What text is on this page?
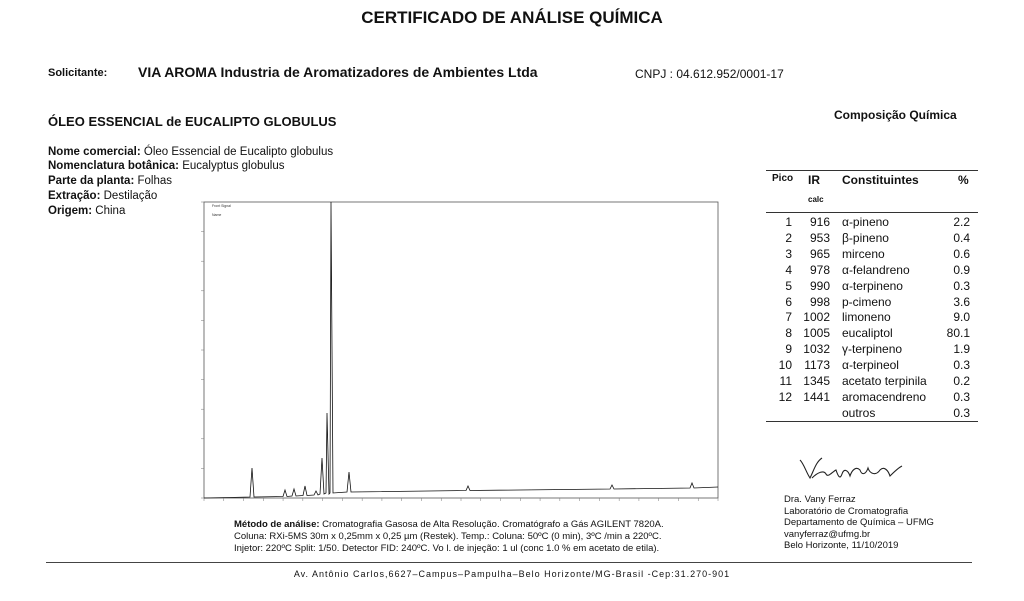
CERTIFICADO DE ANÁLISE QUÍMICA
Solicitante: VIA AROMA Industria de Aromatizadores de Ambientes Ltda	CNPJ : 04.612.952/0001-17
ÓLEO ESSENCIAL de EUCALIPTO GLOBULUS	Composição Química
Nome comercial: Óleo Essencial de Eucalipto globulus
Nomenclatura botânica: Eucalyptus globulus
Parte da planta: Folhas
Extração: Destilação
Origem: China	Front Signal
Name
Pico IR
calc
Constituintes	%
1	916 α-pineno	2.2
2	953 β-pineno	0.4
3	965 mirceno	0.6
4	978 α-felandreno	0.9
5	990 α-terpineno	0.3
6	998 p-cimeno	3.6
7 1002 limoneno	9.0
8 1005 eucaliptol	80.1
9 1032 γ-terpineno	1.9
10	1173 α-terpineol	0.3
11 1345 acetato terpinila	0.2
12 1441 aromacendreno	0.3
outros	0.3
Método de análise: Cromatografia Gasosa de Alta Resolução. Cromatógrafo a Gás AGILENT 7820A.
Coluna: RXi-5MS 30m x 0,25mm x 0,25 µm (Restek). Temp.: Coluna: 50ºC (0 min), 3ºC /min a 220ºC.
Injetor: 220ºC Split: 1/50. Detector FID: 240ºC. Vo l. de injeção: 1 ul (conc 1.0 % em acetato de etila).
Dra. Vany Ferraz
Laboratório de Cromatografia
Departamento de Química – UFMG
vanyferraz@ufmg.br
Belo Horizonte, 11/10/2019
Av. Antônio Carlos,6627–Campus–Pampulha–Belo Horizonte/MG-Brasil -Cep:31.270-901
